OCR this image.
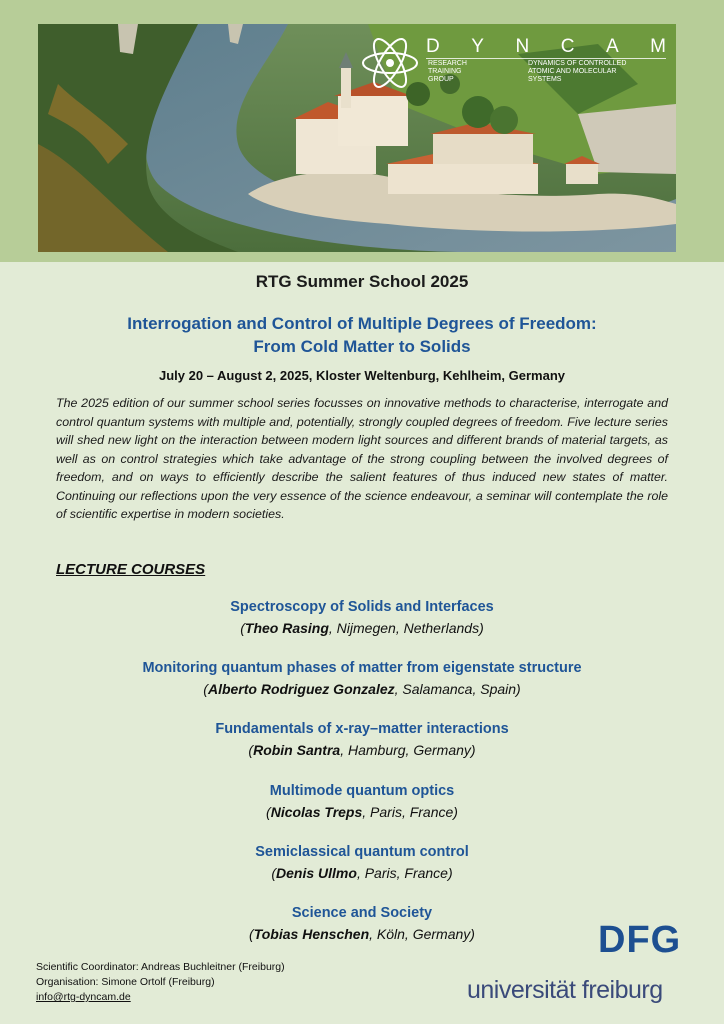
D Y N C A M
RESEARCH
TRAINING
GROUP
DYNAMICS OF CONTROLLED
ATOMIC AND MOLECULAR
SYSTEMS
RTG Summer School 2025
Interrogation and Control of Multiple Degrees of Freedom:
From Cold Matter to Solids
July 20 – August 2, 2025, Kloster Weltenburg, Kehlheim, Germany
The 2025 edition of our summer school series focusses on innovative methods to characterise, interrogate and control quantum systems with multiple and, potentially, strongly coupled degrees of freedom. Five lecture series will shed new light on the interaction between modern light sources and different brands of material targets, as well as on control strategies which take advantage of the strong coupling between the involved degrees of freedom, and on ways to efficiently describe the salient features of thus induced new states of matter. Continuing our reflections upon the very essence of the science endeavour, a seminar will contemplate the role of scientific expertise in modern societies.
LECTURE COURSES
Spectroscopy of Solids and Interfaces
(Theo Rasing, Nijmegen, Netherlands)
Monitoring quantum phases of matter from eigenstate structure
(Alberto Rodriguez Gonzalez, Salamanca, Spain)
Fundamentals of x-ray–matter interactions
(Robin Santra, Hamburg, Germany)
Multimode quantum optics
(Nicolas Treps, Paris, France)
Semiclassical quantum control
(Denis Ullmo, Paris, France)
Science and Society
(Tobias Henschen, Köln, Germany)
Scientific Coordinator: Andreas Buchleitner (Freiburg)
Organisation: Simone Ortolf (Freiburg)
info@rtg-dyncam.de
DFG
universität freiburg
